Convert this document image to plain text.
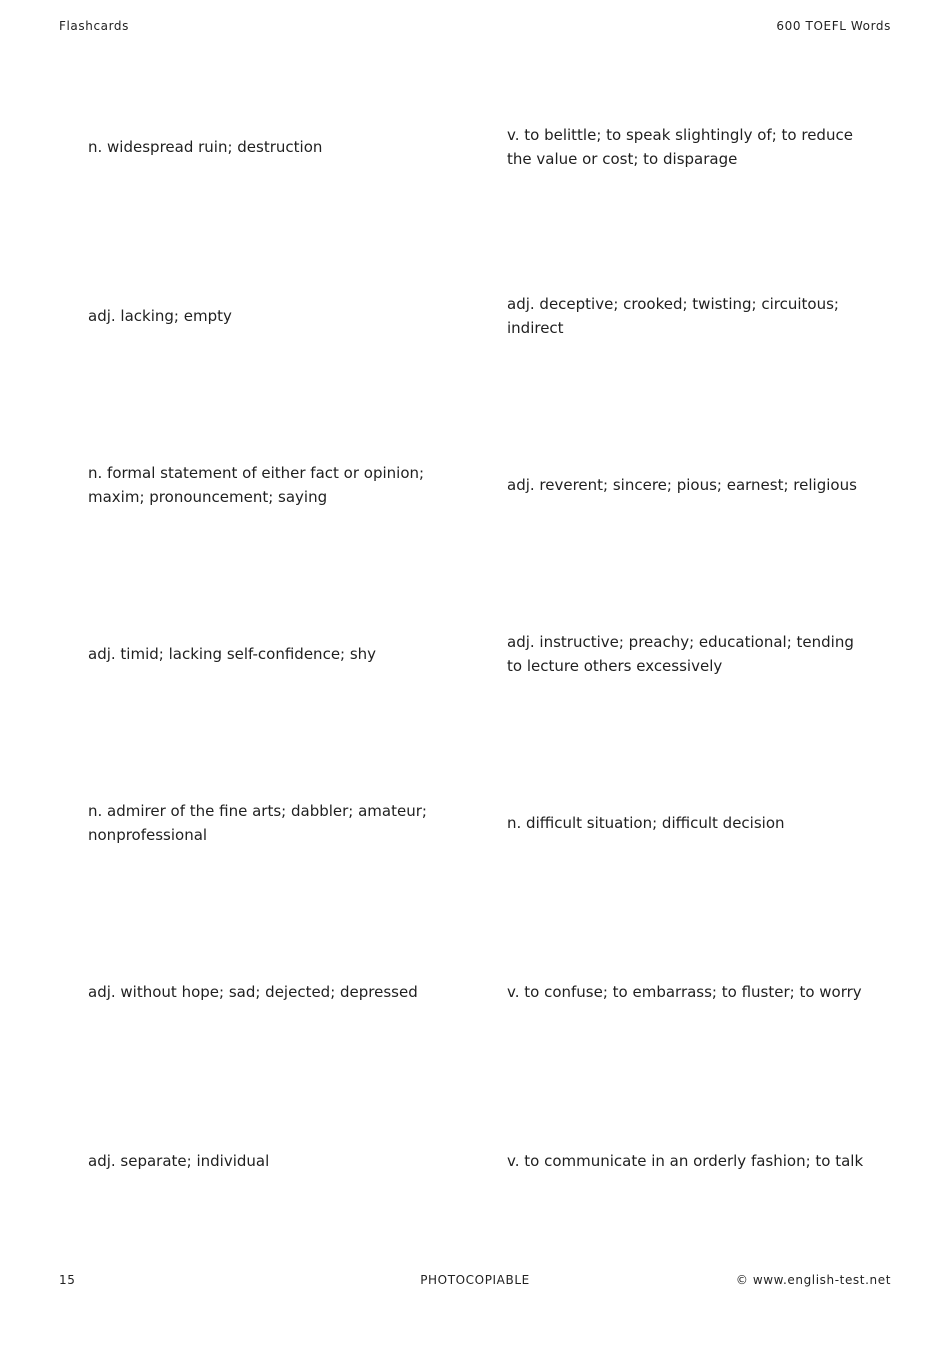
Flashcards	600 TOEFL Words
n. widespread ruin; destruction
v. to belittle; to speak slightingly of; to reduce the value or cost; to disparage
adj. lacking; empty
adj. deceptive; crooked; twisting; circuitous; indirect
n. formal statement of either fact or opinion; maxim; pronouncement; saying
adj. reverent; sincere; pious; earnest; religious
adj. timid; lacking self-confidence; shy
adj. instructive; preachy; educational; tending to lecture others excessively
n. admirer of the fine arts; dabbler; amateur; nonprofessional
n. difficult situation; difficult decision
adj. without hope; sad; dejected; depressed	v. to confuse; to embarrass; to fluster; to worry
adj. separate; individual	v. to communicate in an orderly fashion; to talk
15	PHOTOCOPIABLE	© www.english-test.net
